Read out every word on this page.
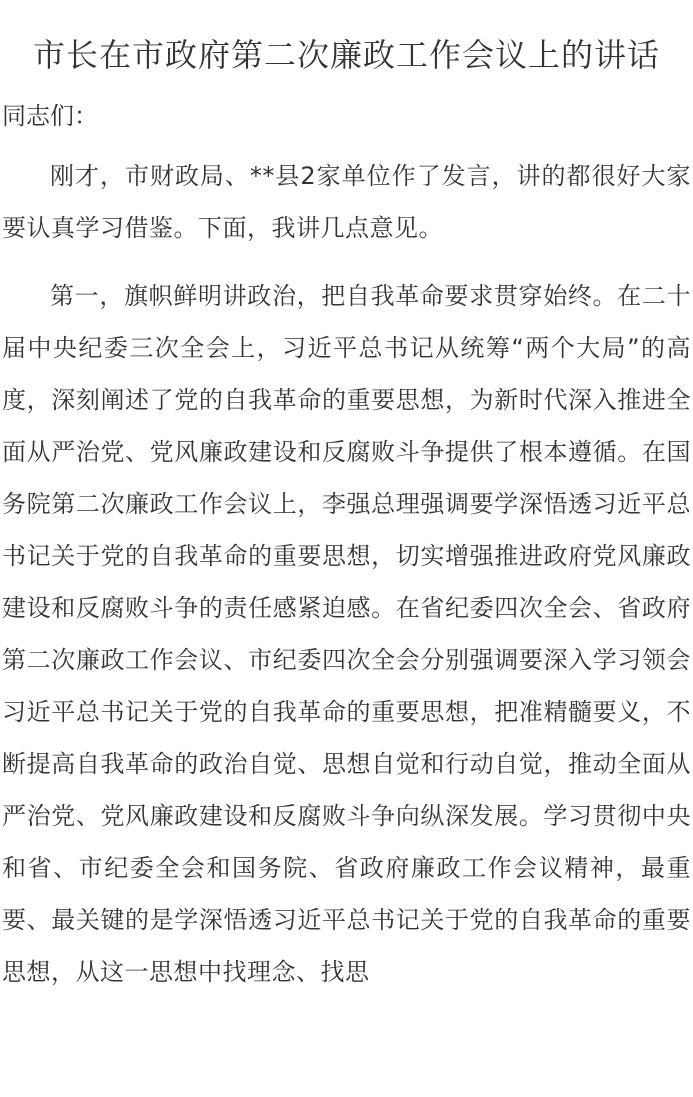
市长在市政府第二次廉政工作会议上的讲话

同志们：

刚才，市财政局、**县2家单位作了发言，讲的都很好大家要认真学习借鉴。下面，我讲几点意见。

第一，旗帜鲜明讲政治，把自我革命要求贯穿始终。在二十届中央纪委三次全会上，习近平总书记从统筹“两个大局”的高度，深刻阐述了党的自我革命的重要思想，为新时代深入推进全面从严治党、党风廉政建设和反腐败斗争提供了根本遵循。在国务院第二次廉政工作会议上，李强总理强调要学深悟透习近平总书记关于党的自我革命的重要思想，切实增强推进政府党风廉政建设和反腐败斗争的责任感紧迫感。在省纪委四次全会、省政府第二次廉政工作会议、市纪委四次全会分别强调要深入学习领会习近平总书记关于党的自我革命的重要思想，把准精髓要义，不断提高自我革命的政治自觉、思想自觉和行动自觉，推动全面从严治党、党风廉政建设和反腐败斗争向纵深发展。学习贯彻中央和省、市纪委全会和国务院、省政府廉政工作会议精神，最重要、最关键的是学深悟透习近平总书记关于党的自我革命的重要思想，从这一思想中找理念、找思
